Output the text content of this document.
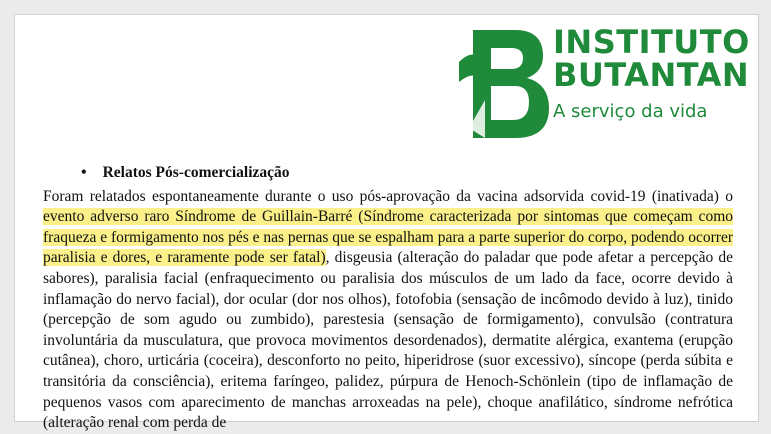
INSTITUTO
BUTANTAN
A serviço da vida
• Relatos Pós-comercialização
Foram relatados espontaneamente durante o uso pós-aprovação da vacina adsorvida covid-19 (inativada) o evento adverso raro Síndrome de Guillain-Barré (Síndrome caracterizada por sintomas que começam como fraqueza e formigamento nos pés e nas pernas que se espalham para a parte superior do corpo, podendo ocorrer paralisia e dores, e raramente pode ser fatal), disgeusia (alteração do paladar que pode afetar a percepção de sabores), paralisia facial (enfraquecimento ou paralisia dos músculos de um lado da face, ocorre devido à inflamação do nervo facial), dor ocular (dor nos olhos), fotofobia (sensação de incômodo devido à luz), tinido (percepção de som agudo ou zumbido), parestesia (sensação de formigamento), convulsão (contratura involuntária da musculatura, que provoca movimentos desordenados), dermatite alérgica, exantema (erupção cutânea), choro, urticária (coceira), desconforto no peito, hiperidrose (suor excessivo), síncope (perda súbita e transitória da consciência), eritema faríngeo, palidez, púrpura de Henoch-Schönlein (tipo de inflamação de pequenos vasos com aparecimento de manchas arroxeadas na pele), choque anafilático, síndrome nefrótica (alteração renal com perda de
